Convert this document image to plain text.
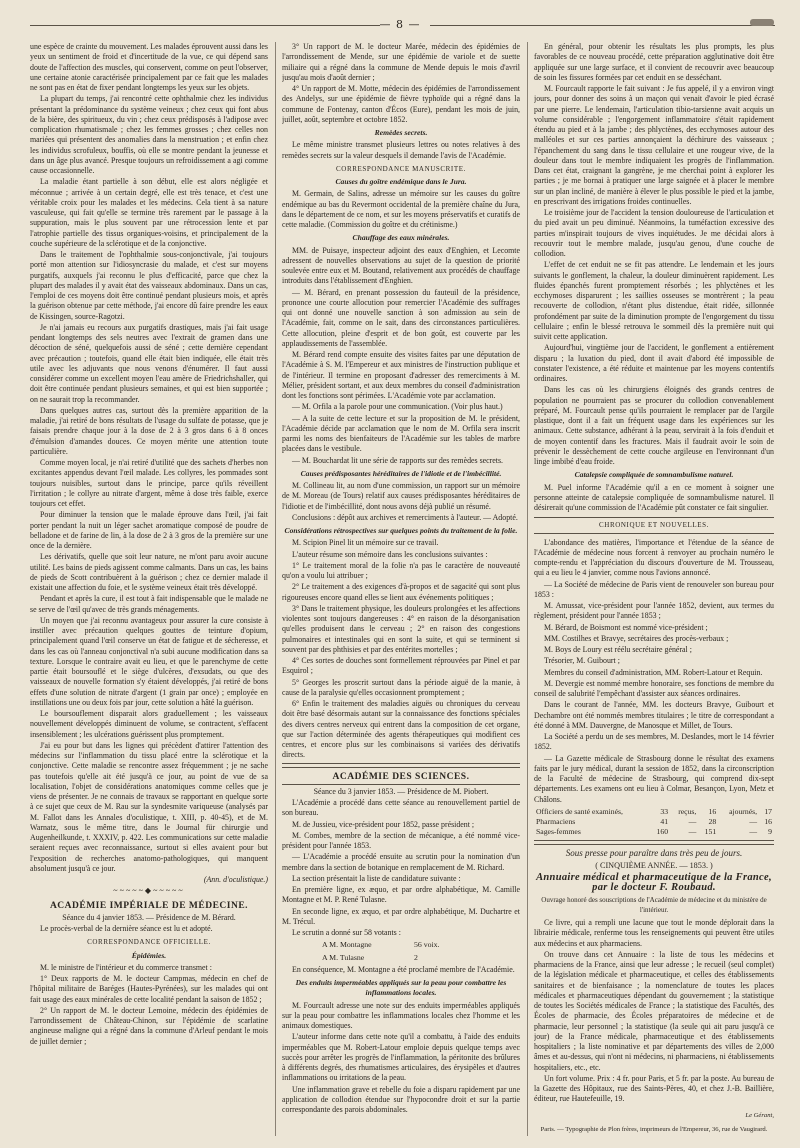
— 8 —

une espèce de crainte du mouvement. Les malades éprouvent aussi dans les yeux un sentiment de froid et d'incertitude de la vue, ce qui dépend sans doute de l'affection des muscles, qui conservent, comme on peut l'observer, une certaine atonie caractérisée principalement par ce fait que les malades ne sont pas en état de fixer pendant longtemps les yeux sur les objets.

La plupart du temps, j'ai rencontré cette ophthalmie chez les individus présentant la prédominance du système veineux ; chez ceux qui font abus de la bière, des spiritueux, du vin ; chez ceux prédisposés à l'adipose avec complication rhumatismale ; chez les femmes grosses ; chez celles non mariées qui présentent des anomalies dans la menstruation ; et enfin chez les individus scrofuleux, bouffis, où elle se montre pendant la jeunesse et dans un âge plus avancé. Presque toujours un refroidissement a agi comme cause occasionnelle.

La maladie étant partielle à son début, elle est alors négligée et méconnue ; arrivée à un certain degré, elle est très tenace, et c'est une véritable croix pour les malades et les médecins. Cela tient à sa nature vasculeuse, qui fait qu'elle se termine très rarement par le passage à la suppuration, mais le plus souvent par une rétrocession lente et par l'atrophie partielle des tissus organiques-voisins, et principalement de la couche supérieure de la sclérotique et de la conjonctive.

Dans le traitement de l'ophthalmie sous-conjonctivale, j'ai toujours porté mon attention sur l'idiosyncrasie du malade, et c'est sur moyens purgatifs, auxquels j'ai reconnu le plus d'efficacité, parce que chez la plupart des malades il y avait état des vaisseaux abdominaux. Dans un cas, l'emploi de ces moyens doit être continué pendant plusieurs mois, et après la guérison obtenue par cette méthode, j'ai encore dû faire prendre les eaux de Kissingen, source-Ragotzi.

Je n'ai jamais eu recours aux purgatifs drastiques, mais j'ai fait usage pendant longtemps des sels neutres avec l'extrait de gramen dans une décoction de séné, quelquefois aussi de séné ; cette dernière cependant avec précaution ; toutefois, quand elle était bien indiquée, elle était très utile avec les adjuvants que nous venons d'énumérer. Il faut aussi considérer comme un excellent moyen l'eau amère de Friedrichshaller, qui doit être continuée pendant plusieurs semaines, et qui est bien supportée ; on ne saurait trop la recommander.

Dans quelques autres cas, surtout dès la première apparition de la maladie, j'ai retiré de bons résultats de l'usage du sulfate de potasse, que je faisais prendre chaque jour à la dose de 2 à 3 gros dans 6 à 8 onces d'émulsion d'amandes douces. Ce moyen mérite une attention toute particulière.

Comme moyen local, je n'ai retiré d'utilité que des sachets d'herbes non excitantes appendus devant l'œil malade. Les collyres, les pommades sont toujours nuisibles, surtout dans le principe, parce qu'ils réveillent l'irritation ; le collyre au nitrate d'argent, même à dose très faible, exerce toujours cet effet.

Pour diminuer la tension que le malade éprouve dans l'œil, j'ai fait porter pendant la nuit un léger sachet aromatique composé de poudre de belladone et de farine de lin, à la dose de 2 à 3 gros de la première sur une once de la dernière.

Les dérivatifs, quelle que soit leur nature, ne m'ont paru avoir aucune utilité. Les bains de pieds agissent comme calmants. Dans un cas, les bains de pieds de Scott contribuèrent à la guérison ; chez ce dernier malade il existait une affection du foie, et le système veineux était très développé.

Pendant et après la cure, il est tout à fait indispensable que le malade ne se serve de l'œil qu'avec de très grands ménagements.

Un moyen que j'ai reconnu avantageux pour assurer la cure consiste à instiller avec précaution quelques gouttes de teinture d'opium, principalement quand l'œil conserve un état de fatigue et de sécheresse, et dans les cas où l'anneau conjonctival n'a subi aucune modification dans sa texture. Lorsque le contraire avait eu lieu, et que le parenchyme de cette partie était boursouflé et le siège d'ulcères, d'exsudats, ou que des vaisseaux de nouvelle formation s'y étaient développés, j'ai retiré de bons effets d'une solution de nitrate d'argent (1 grain par once) ; employée en instillations une ou deux fois par jour, cette solution a hâté la guérison.

Le boursouflement disparait alors graduellement ; les vaisseaux nouvellement développés diminuent de volume, se contractent, s'effacent insensiblement ; les ulcérations guérissent plus promptement.

J'ai eu pour but dans les lignes qui précèdent d'attirer l'attention des médecins sur l'inflammation du tissu placé entre la sclérotique et la conjonctive. Cette maladie se rencontre assez fréquemment ; je ne sache pas toutefois qu'elle ait été jusqu'à ce jour, au point de vue de sa localisation, l'objet de considérations anatomiques comme celles que je viens de présenter. Je ne connais de travaux se rapportant en quelque sorte à ce sujet que ceux de M. Rau sur la syndesmite variqueuse (analysés par M. Fallot dans les Annales d'oculistique, t. XIII, p. 40-45), et de M. Warnatz, sous le même titre, dans le Journal für chirurgie und Augenheilkunde, t. XXXIV, p. 422. Les communications sur cette maladie seraient reçues avec reconnaissance, surtout si elles avaient pour but l'exposition de recherches anatomo-pathologiques, qui manquent absolument jusqu'à ce jour.

(Ann. d'oculistique.)

~~~~~◆~~~~~
ACADÉMIE IMPÉRIALE DE MÉDECINE.

Séance du 4 janvier 1853. — Présidence de M. Bérard.

Le procès-verbal de la dernière séance est lu et adopté.

CORRESPONDANCE OFFICIELLE.
Épidémies.

M. le ministre de l'intérieur et du commerce transmet :

1° Deux rapports de M. le docteur Campmas, médecin en chef de l'hôpital militaire de Baréges (Hautes-Pyrénées), sur les malades qui ont fait usage des eaux minérales de cette localité pendant la saison de 1852 ;

2° Un rapport de M. le docteur Lemoine, médecin des épidémies de l'arrondissement de Château-Chinon, sur l'épidémie de scarlatine angineuse maligne qui a régné dans la commune d'Arleuf pendant le mois de juillet dernier ;

3° Un rapport de M. le docteur Marée, médecin des épidémies de l'arrondissement de Mende, sur une épidémie de variole et de suette miliaire qui a régné dans la commune de Mende depuis le mois d'avril jusqu'au mois d'août dernier ;

4° Un rapport de M. Motte, médecin des épidémies de l'arrondissement des Andelys, sur une épidémie de fièvre typhoïde qui a régné dans la commune de Fontenay, canton d'Écos (Eure), pendant les mois de juin, juillet, août, septembre et octobre 1852.

Remèdes secrets.

Le même ministre transmet plusieurs lettres ou notes relatives à des remèdes secrets sur la valeur desquels il demande l'avis de l'Académie.

CORRESPONDANCE MANUSCRITE.
Causes du goître endémique dans le Jura.

M. Germain, de Salins, adresse un mémoire sur les causes du goître endémique au bas du Revermont occidental de la première chaîne du Jura, dans le département de ce nom, et sur les moyens préservatifs et curatifs de cette maladie. (Commission du goître et du crétinisme.)

Chauffage des eaux minérales.

MM. de Puisaye, inspecteur adjoint des eaux d'Enghien, et Lecomte adressent de nouvelles observations au sujet de la question de priorité soulevée entre eux et M. Boutand, relativement aux procédés de chauffage introduits dans l'établissement d'Enghien.

— M. Bérard, en prenant possession du fauteuil de la présidence, prononce une courte allocution pour remercier l'Académie des suffrages qui ont donné une nouvelle sanction à son admission au sein de l'Académie, fait, comme on le sait, dans des circonstances particulières. Cette allocution, pleine d'esprit et de bon goût, est couverte par les applaudissements de l'assemblée.

M. Bérard rend compte ensuite des visites faites par une députation de l'Académie à S. M. l'Empereur et aux ministres de l'instruction publique et de l'intérieur. Il termine en proposant d'adresser des remerciments à M. Mélier, président sortant, et aux deux membres du conseil d'administration dont les fonctions sont périmées. L'Académie vote par acclamation.

— M. Orfila a la parole pour une communication. (Voir plus haut.)

— A la suite de cette lecture et sur la proposition de M. le président, l'Académie décide par acclamation que le nom de M. Orfila sera inscrit parmi les noms des bienfaiteurs de l'Académie sur les tables de marbre placées dans le vestibule.

— M. Bouchardat lit une série de rapports sur des remèdes secrets.

Causes prédisposantes héréditaires de l'idiotie et de l'imbécillité.

M. Collineau lit, au nom d'une commission, un rapport sur un mémoire de M. Moreau (de Tours) relatif aux causes prédisposantes héréditaires de l'idiotie et de l'imbécillité, dont nous avons déjà publié un résumé.

Conclusions : dépôt aux archives et remerciments à l'auteur. — Adopté.

Considérations rétrospectives sur quelques points du traitement de la folie.

M. Scipion Pinel lit un mémoire sur ce travail.

L'auteur résume son mémoire dans les conclusions suivantes :

1° Le traitement moral de la folie n'a pas le caractère de nouveauté qu'on a voulu lui attribuer ;

2° Le traitement a des exigences d'à-propos et de sagacité qui sont plus rigoureuses encore quand elles se lient aux événements politiques ;

3° Dans le traitement physique, les douleurs prolongées et les affections violentes sont toujours dangereuses : 4° en raison de la désorganisation qu'elles produisent dans le cerveau ; 2° en raison des congestions pulmonaires et intestinales qui en sont la suite, et qui se terminent si souvent par des phthisies et par des entérites mortelles ;

4° Ces sortes de douches sont formellement réprouvées par Pinel et par Esquirol ;

5° Georges les proscrit surtout dans la période aiguë de la manie, à cause de la paralysie qu'elles occasionnent promptement ;

6° Enfin le traitement des maladies aiguës ou chroniques du cerveau doit être basé désormais autant sur la connaissance des fonctions spéciales des divers centres nerveux qui entrent dans la composition de cet organe, que sur l'action déterminée des agents thérapeutiques qui modifient ces centres, et encore plus sur les combinaisons si variées des dérivatifs directs.

ACADÉMIE DES SCIENCES.

Séance du 3 janvier 1853. — Présidence de M. Piobert.

L'Académie a procédé dans cette séance au renouvellement partiel de son bureau.

M. de Jussieu, vice-président pour 1852, passe président ;

M. Combes, membre de la section de mécanique, a été nommé vice-président pour l'année 1853.

— L'Académie a procédé ensuite au scrutin pour la nomination d'un membre dans la section de botanique en remplacement de M. Richard.

La section présentait la liste de candidature suivante :

En première ligne, ex æquo, et par ordre alphabétique, M. Camille Montagne et M. P. René Tulasne.

En seconde ligne, ex æquo, et par ordre alphabétique, M. Duchartre et M. Trécul.

Le scrutin a donné sur 58 votants :

A M. Montagne	56 voix.
A M. Tulasne	2

En conséquence, M. Montagne a été proclamé membre de l'Académie.

Des enduits imperméables appliqués sur la peau pour combattre les inflammations locales.

M. Fourcault adresse une note sur des enduits imperméables appliqués sur la peau pour combattre les inflammations locales chez l'homme et les animaux domestiques.

L'auteur informe dans cette note qu'il a combattu, à l'aide des enduits imperméables que M. Robert-Latour emploie depuis quelque temps avec succès pour arrêter les progrès de l'inflammation, la péritonite des brûlures à différents degrés, des rhumatismes articulaires, des érysipèles et d'autres inflammations ou irritations de la peau.

Une inflammation grave et rebelle du foie a disparu rapidement par une application de collodion étendue sur l'hypocondre droit et sur la partie correspondante des parois abdominales.

En général, pour obtenir les résultats les plus prompts, les plus favorables de ce nouveau procédé, cette préparation agglutinative doit être appliquée sur une large surface, et il convient de recouvrir avec beaucoup de soin les fissures formées par cet enduit en se desséchant.

M. Fourcault rapporte le fait suivant : Je fus appelé, il y a environ vingt jours, pour donner des soins à un maçon qui venait d'avoir le pied écrasé par une pierre. Le lendemain, l'articulation tibio-tarsienne avait acquis un volume considérable ; l'engorgement inflammatoire s'était rapidement étendu au pied et à la jambe ; des phlyctènes, des ecchymoses autour des malléoles et sur ces parties annonçaient la déchirure des vaisseaux ; l'épanchement du sang dans le tissu cellulaire et une rougeur vive, de la douleur dans tout le membre indiquaient les progrès de l'inflammation. Dans cet état, craignant la gangrène, je me cherchai point à explorer les parties ; je me bornai à pratiquer une large saignée et à placer le membre sur un plan incliné, de manière à élever le plus possible le pied et la jambe, en prescrivant des irrigations froides continuelles.

Le troisième jour de l'accident la tension douloureuse de l'articulation et du pied avait un peu diminué. Néanmoins, la tuméfaction excessive des parties m'inspirait toujours de vives inquiétudes. Je me décidai alors à recouvrir tout le membre malade, jusqu'au genou, d'une couche de collodion.

L'effet de cet enduit ne se fit pas attendre. Le lendemain et les jours suivants le gonflement, la chaleur, la douleur diminuèrent rapidement. Les fluides épanchés furent promptement résorbés ; les phlyctènes et les ecchymoses disparurent ; les saillies osseuses se montrèrent ; la peau recouverte de collodion, n'étant plus distendue, était ridée, sillonnée profondément par suite de la diminution prompte de l'engorgement du tissu cellulaire ; enfin le blessé retrouva le sommeil dès la première nuit qui suivit cette application.

Aujourd'hui, vingtième jour de l'accident, le gonflement a entièrement disparu ; la luxation du pied, dont il avait d'abord été impossible de constater l'existence, a été réduite et maintenue par les moyens contentifs ordinaires.

Dans les cas où les chirurgiens éloignés des grands centres de population ne pourraient pas se procurer du collodion convenablement préparé, M. Fourcault pense qu'ils pourraient le remplacer par de l'argile plastique, dont il a fait un fréquent usage dans les expériences sur les animaux. Cette substance, adhérant à la peau, servirait à la fois d'enduit et de moyen contentif dans les fractures. Mais il faudrait avoir le soin de prévenir le dessèchement de cette couche argileuse en l'environnant d'un linge imbibé d'eau froide.

Catalepsie compliquée de somnambulisme naturel.

M. Puel informe l'Académie qu'il a en ce moment à soigner une personne atteinte de catalepsie compliquée de somnambulisme naturel. Il désirerait qu'une commission de l'Académie pût constater ce fait singulier.

CHRONIQUE ET NOUVELLES.

L'abondance des matières, l'importance et l'étendue de la séance de l'Académie de médecine nous forcent à renvoyer au prochain numéro le compte-rendu et l'appréciation du discours d'ouverture de M. Trousseau, qui a eu lieu le 4 janvier, comme nous l'avions annoncé.

— La Société de médecine de Paris vient de renouveler son bureau pour 1853 :

M. Amussat, vice-président pour l'année 1852, devient, aux termes du règlement, président pour l'année 1853 ;

M. Bérard, de Boismont est nommé vice-président ;

MM. Costilhes et Bravye, secrétaires des procès-verbaux ;

M. Boys de Loury est réélu secrétaire général ;

Trésorier, M. Guibourt ;

Membres du conseil d'administration, MM. Robert-Latour et Requin.

M. Devergie est nommé membre honoraire, ses fonctions de membre du conseil de salubrité l'empêchant d'assister aux séances ordinaires.

Dans le courant de l'année, MM. les docteurs Bravye, Guibourt et Dechambre ont été nommés membres titulaires ; le titre de correspondant a été donné à MM. Dauvergne, de Manosque et Millet, de Tours.

La Société a perdu un de ses membres, M. Deslandes, mort le 14 février 1852.

— La Gazette médicale de Strasbourg donne le résultat des examens faits par le jury médical, durant la session de 1852, dans la circonscription de la Faculté de médecine de Strasbourg, qui comprend dix-sept départements. Les examens ont eu lieu à Colmar, Besançon, Lyon, Metz et Châlons.

Officiers de santé examinés,	33	reçus,	16	ajournés,	17
Pharmaciens	41	—	28	—	16
Sages-femmes	160	—	151	—	9
Sous presse pour paraître dans très peu de jours.
( CINQUIÈME ANNÉE. — 1853. )
Annuaire médical et pharmaceutique de la France, par le docteur F. Roubaud.
Ouvrage honoré des souscriptions de l'Académie de médecine et du ministère de l'intérieur.

Ce livre, qui a rempli une lacune que tout le monde déplorait dans la librairie médicale, renferme tous les renseignements qui peuvent être utiles aux médecins et aux pharmaciens.

On trouve dans cet Annuaire : la liste de tous les médecins et pharmaciens de la France, ainsi que leur adresse ; le recueil (seul complet) de la législation médicale et pharmaceutique, et celles des établissements sanitaires et de bienfaisance ; la nomenclature de toutes les places médicales et pharmaceutiques dépendant du gouvernement ; la statistique de toutes les Sociétés médicales de France ; la statistique des Facultés, des Écoles de pharmacie, des Écoles préparatoires de médecine et de pharmacie, leur personnel ; la statistique (la seule qui ait paru jusqu'à ce jour) de la France médicale, pharmaceutique et des établissements hospitaliers ; la liste nominative et par départements des villes de 2,000 âmes et au-dessus, qui n'ont ni médecins, ni pharmaciens, ni établissements hospitaliers, etc., etc.

Un fort volume. Prix : 4 fr. pour Paris, et 5 fr. par la poste. Au bureau de la Gazette des Hôpitaux, rue des Saints-Pères, 40, et chez J.-B. Baillière, éditeur, rue Hautefeuille, 19.

Le Gérant,
Paris. — Typographie de Plon frères, imprimeurs de l'Empereur, 36, rue de Vaugirard.
